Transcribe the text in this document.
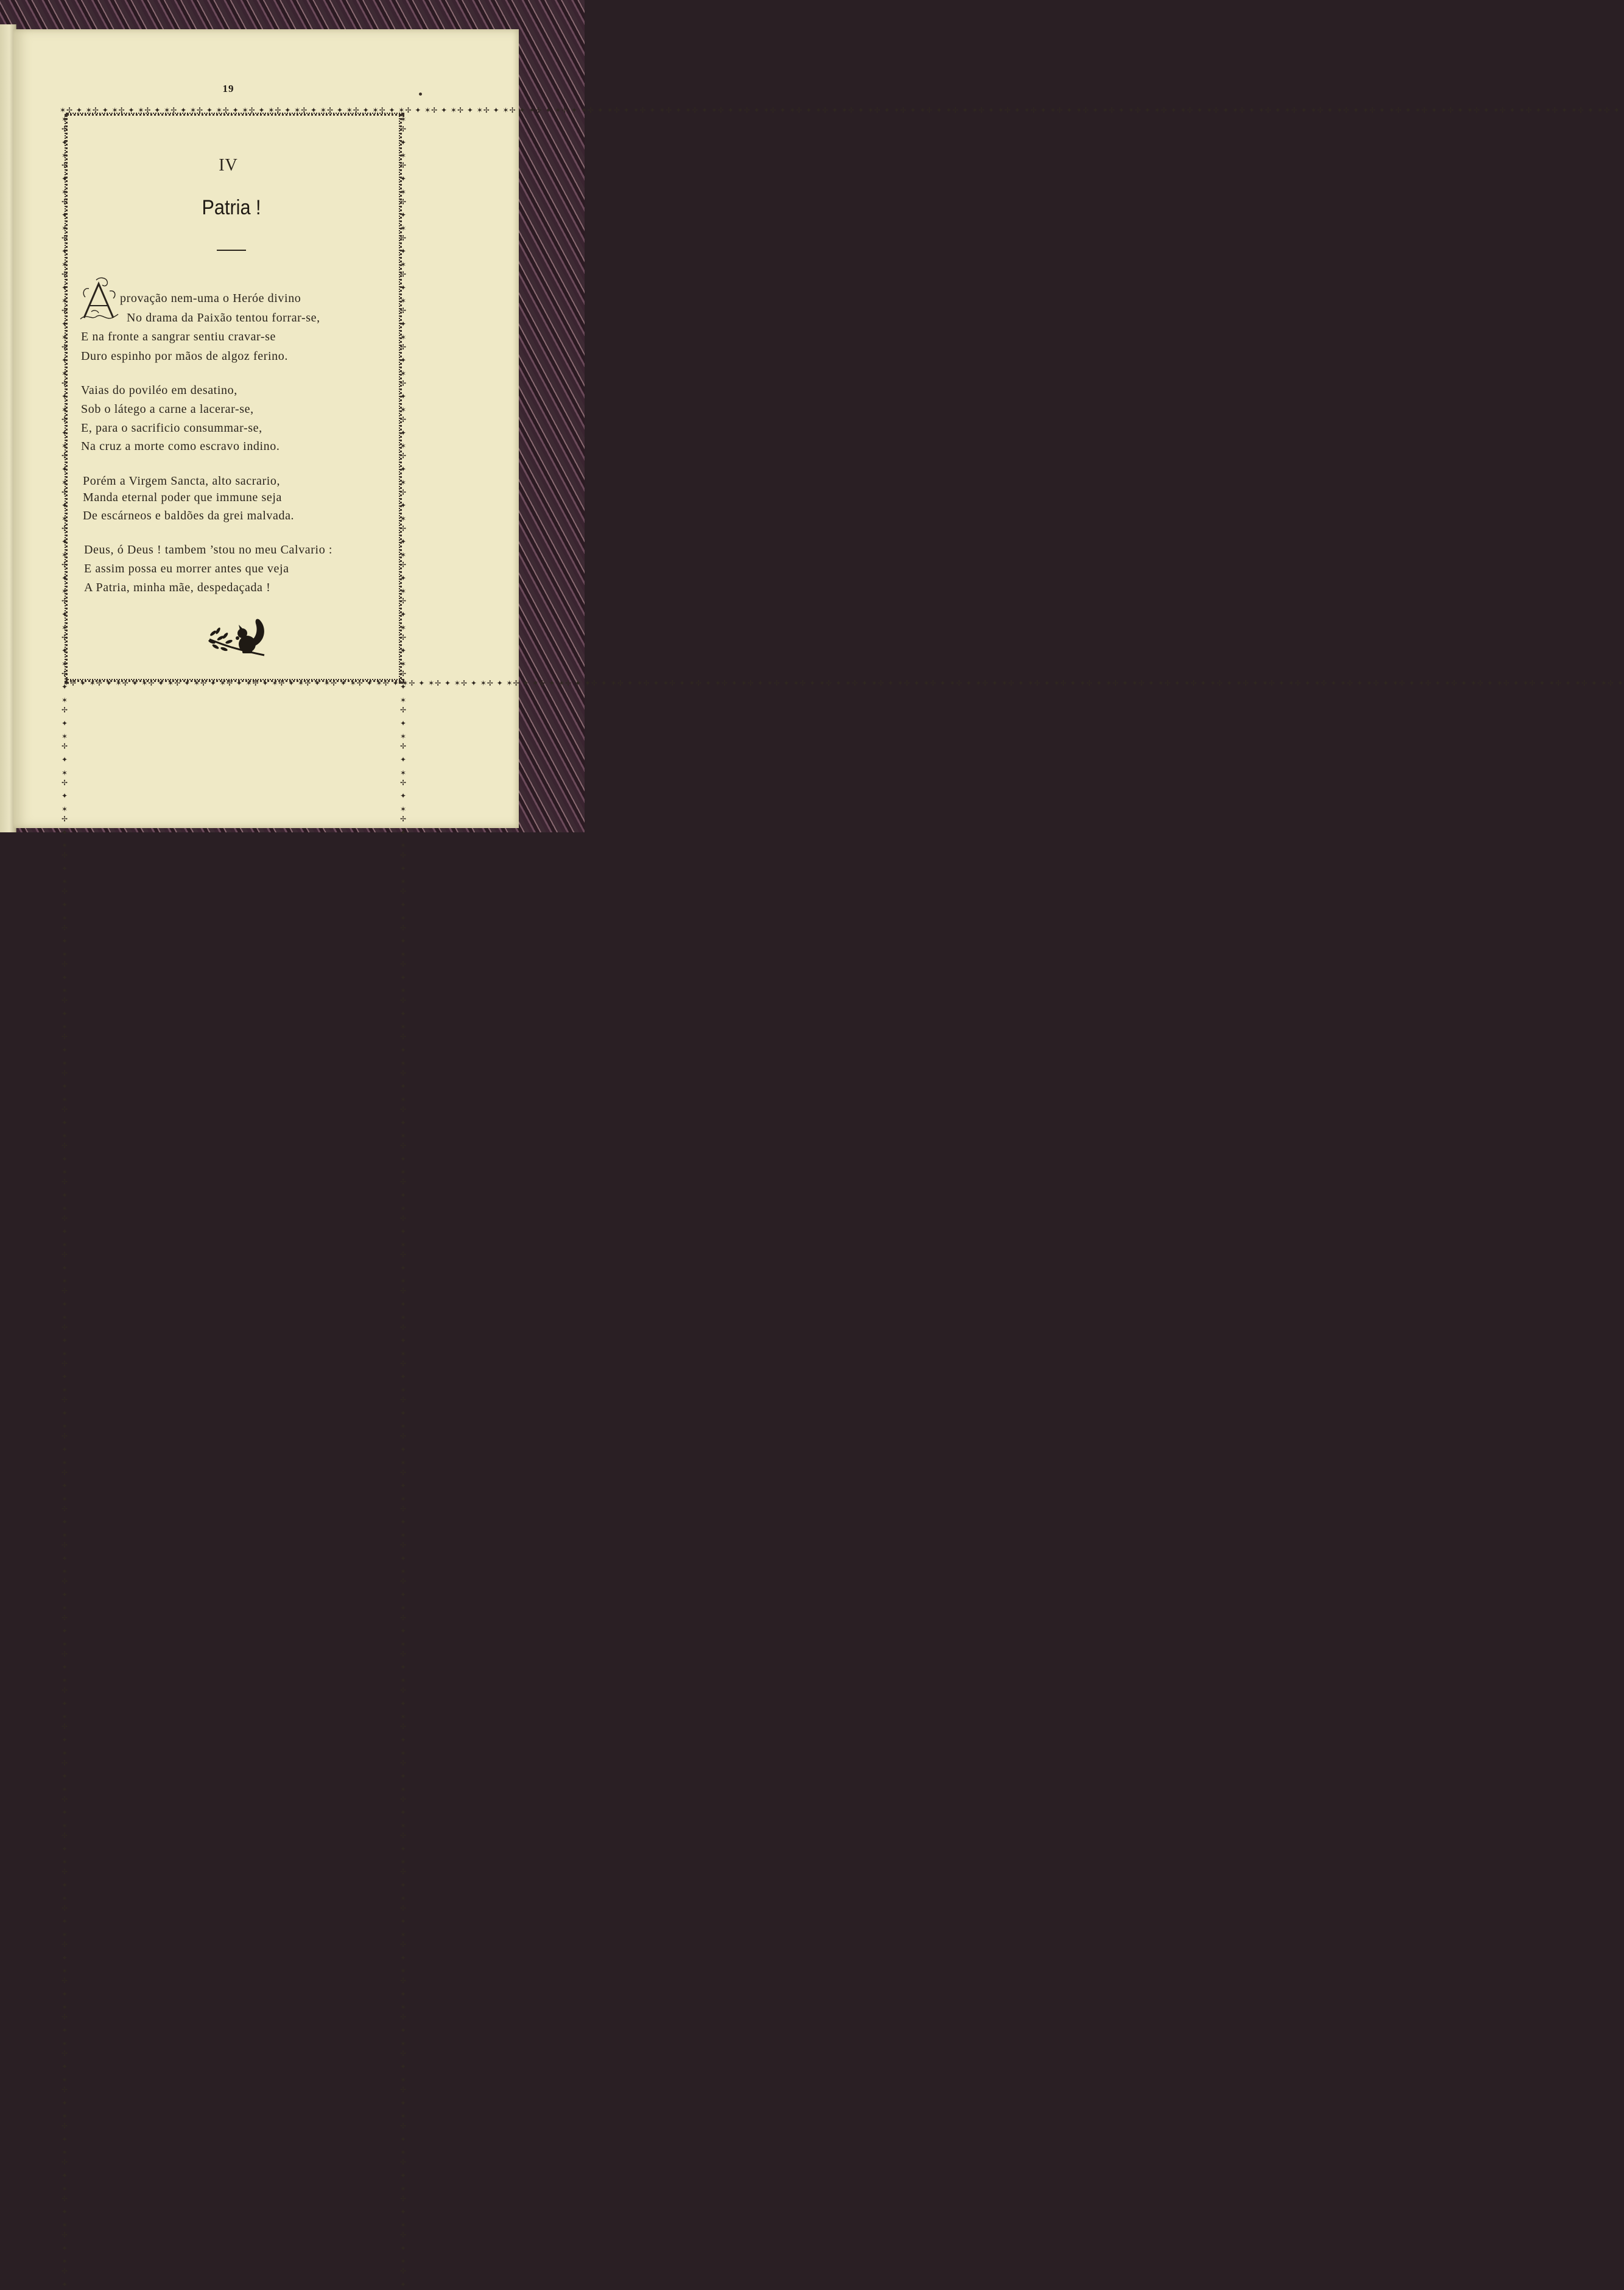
19
✶✢ ✦ ✶✢ ✦ ✶✢ ✦ ✶✢ ✦ ✶✢ ✦ ✶✢ ✦ ✶✢ ✦ ✶✢ ✦ ✶✢ ✦ ✶✢ ✦ ✶✢ ✦ ✶✢ ✦ ✶✢ ✦ ✶✢ ✦ ✶✢ ✦ ✶✢ ✦ ✶✢ ✦ ✶✢ ✦ ✶✢ ✦ ✶✢ ✦ ✶✢ ✦ ✶✢ ✦ ✶✢ ✦ ✶✢ ✦ ✶✢ ✦ ✶✢ ✦ ✶✢ ✦ ✶✢ ✦ ✶✢ ✦ ✶✢ ✦ ✶✢ ✦ ✶✢ ✦ ✶✢ ✦ ✶✢ ✦ ✶✢ ✦ ✶✢ ✦ ✶✢ ✦ ✶✢ ✦ ✶✢ ✦ ✶✢ ✦ ✶✢ ✦ ✶✢ ✦ ✶✢ ✦ ✶✢ ✦ ✶✢ ✦ ✶✢ ✦ ✶✢ ✦ ✶✢ ✦ ✶✢ ✦ ✶✢ ✦ ✶✢ ✦ ✶✢ ✦ ✶✢ ✦ ✶✢ ✦ ✶✢ ✦ ✶✢ ✦ ✶✢ ✦ ✶✢ ✦ ✶✢ ✦ ✶✢ ✦
✶✢ ✦ ✶✢ ✦ ✶✢ ✦ ✶✢ ✦ ✶✢ ✦ ✶✢ ✦ ✶✢ ✦ ✶✢ ✦ ✶✢ ✦ ✶✢ ✦ ✶✢ ✦ ✶✢ ✦ ✶✢ ✦ ✶✢ ✦ ✶✢ ✦ ✶✢ ✦ ✶✢ ✦ ✶✢ ✦ ✶✢ ✦ ✶✢ ✦ ✶✢ ✦ ✶✢ ✦ ✶✢ ✦ ✶✢ ✦ ✶✢ ✦ ✶✢ ✦ ✶✢ ✦ ✶✢ ✦ ✶✢ ✦ ✶✢ ✦ ✶✢ ✦ ✶✢ ✦ ✶✢ ✦ ✶✢ ✦ ✶✢ ✦ ✶✢ ✦ ✶✢ ✦ ✶✢ ✦ ✶✢ ✦ ✶✢ ✦ ✶✢ ✦ ✶✢ ✦ ✶✢ ✦ ✶✢ ✦ ✶✢ ✦ ✶✢ ✦ ✶✢ ✦ ✶✢ ✦ ✶✢ ✦ ✶✢ ✦ ✶✢ ✦ ✶✢ ✦ ✶✢ ✦ ✶✢ ✦ ✶✢ ✦ ✶✢ ✦ ✶✢ ✦ ✶✢ ✦ ✶✢ ✦ ✶✢ ✦
✶✢ ✦ ✶✢ ✦ ✶✢ ✦ ✶✢ ✦ ✶✢ ✦ ✶✢ ✦ ✶✢ ✦ ✶✢ ✦ ✶✢ ✦ ✶✢ ✦ ✶✢ ✦ ✶✢ ✦ ✶✢ ✦ ✶✢ ✦ ✶✢ ✦ ✶✢ ✦ ✶✢ ✦ ✶✢ ✦ ✶✢ ✦ ✶✢ ✦ ✶✢ ✦ ✶✢ ✦ ✶✢ ✦ ✶✢ ✦ ✶✢ ✦ ✶✢ ✦ ✶✢ ✦ ✶✢ ✦ ✶✢ ✦ ✶✢ ✦ ✶✢ ✦ ✶✢ ✦ ✶✢ ✦ ✶✢ ✦ ✶✢ ✦ ✶✢ ✦ ✶✢ ✦ ✶✢ ✦ ✶✢ ✦ ✶✢ ✦ ✶✢ ✦ ✶✢ ✦ ✶✢ ✦ ✶✢ ✦ ✶✢ ✦ ✶✢ ✦ ✶✢ ✦ ✶✢ ✦ ✶✢ ✦ ✶✢ ✦ ✶✢ ✦ ✶✢ ✦ ✶✢ ✦ ✶✢ ✦ ✶✢ ✦ ✶✢ ✦ ✶✢ ✦ ✶✢ ✦ ✶✢ ✦ ✶✢ ✦	✶✢ ✦ ✶✢ ✦ ✶✢ ✦ ✶✢ ✦ ✶✢ ✦ ✶✢ ✦ ✶✢ ✦ ✶✢ ✦ ✶✢ ✦ ✶✢ ✦ ✶✢ ✦ ✶✢ ✦ ✶✢ ✦ ✶✢ ✦ ✶✢ ✦ ✶✢ ✦ ✶✢ ✦ ✶✢ ✦ ✶✢ ✦ ✶✢ ✦ ✶✢ ✦ ✶✢ ✦ ✶✢ ✦ ✶✢ ✦ ✶✢ ✦ ✶✢ ✦ ✶✢ ✦ ✶✢ ✦ ✶✢ ✦ ✶✢ ✦ ✶✢ ✦ ✶✢ ✦ ✶✢ ✦ ✶✢ ✦ ✶✢ ✦ ✶✢ ✦ ✶✢ ✦ ✶✢ ✦ ✶✢ ✦ ✶✢ ✦ ✶✢ ✦ ✶✢ ✦ ✶✢ ✦ ✶✢ ✦ ✶✢ ✦ ✶✢ ✦ ✶✢ ✦ ✶✢ ✦ ✶✢ ✦ ✶✢ ✦ ✶✢ ✦ ✶✢ ✦ ✶✢ ✦ ✶✢ ✦ ✶✢ ✦ ✶✢ ✦ ✶✢ ✦ ✶✢ ✦ ✶✢ ✦ ✶✢ ✦
IV
Patria !
provação nem-uma o Heróe divino
No drama da Paixão tentou forrar-se,
E na fronte a sangrar sentiu cravar-se
Duro espinho por mãos de algoz ferino.
Vaias do poviléo em desatino,
Sob o látego a carne a lacerar-se,
E, para o sacrificio consummar-se,
Na cruz a morte como escravo indino.
Porém a Virgem Sancta, alto sacrario,
Manda eternal poder que immune seja
De escárneos e baldões da grei malvada.
Deus, ó Deus ! tambem ’stou no meu Calvario :
E assim possa eu morrer antes que veja
A Patria, minha mãe, despedaçada !
